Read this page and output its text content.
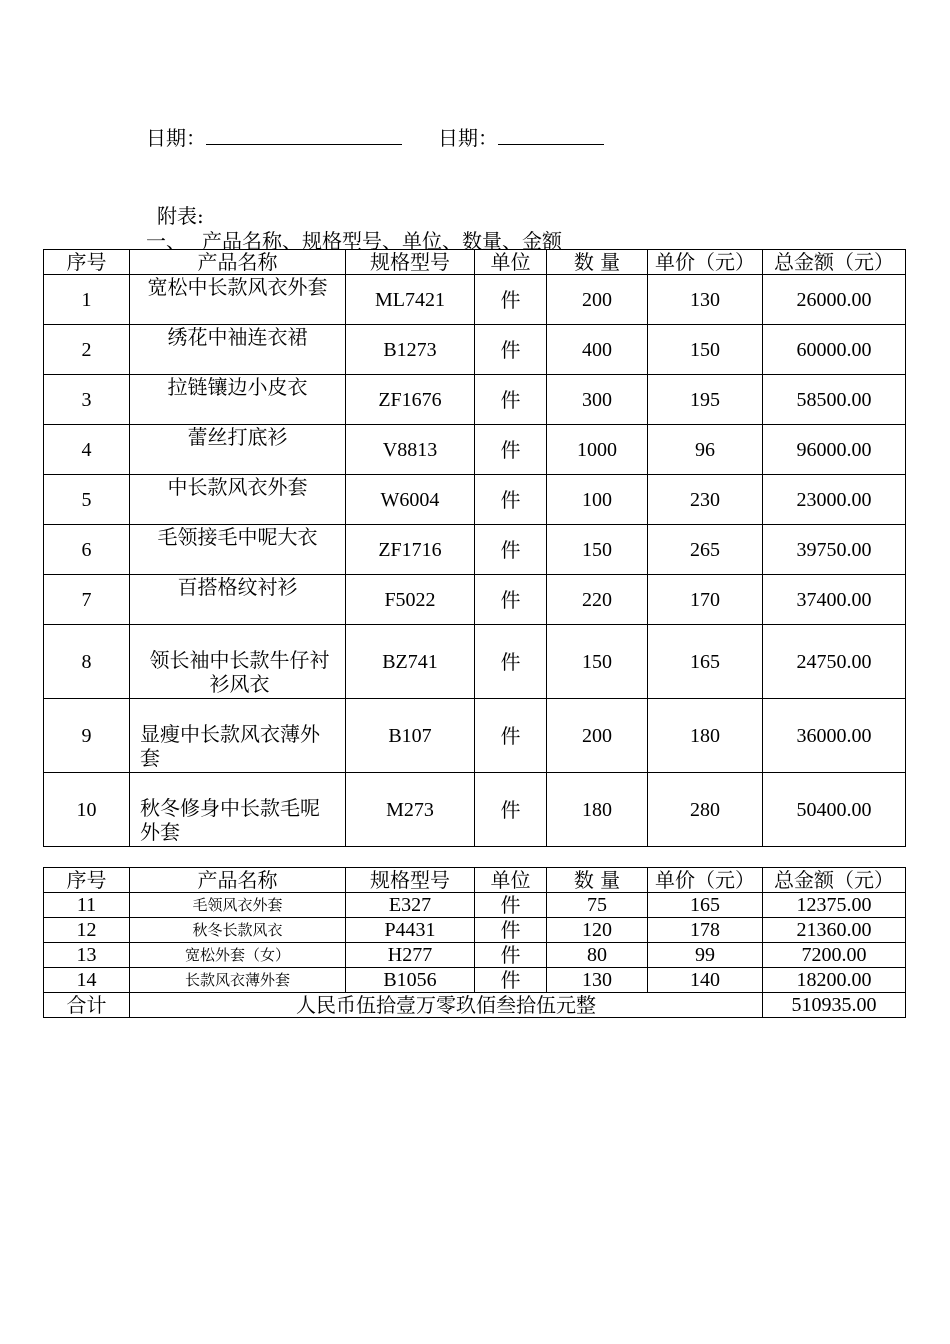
日期：	日期：
附表:
一、 产品名称、规格型号、单位、数量、金额
序号	产品名称	规格型号	单位	数 量	单价（元）	总金额（元）
1	宽松中长款风衣外套	ML7421	件	200	130	26000.00
2	绣花中袖连衣裙	B1273	件	400	150	60000.00
3	拉链镶边小皮衣	ZF1676	件	300	195	58500.00
4	蕾丝打底衫	V8813	件	1000	96	96000.00
5	中长款风衣外套	W6004	件	100	230	23000.00
6	毛领接毛中呢大衣	ZF1716	件	150	265	39750.00
7	百搭格纹衬衫	F5022	件	220	170	37400.00
8	领长袖中长款牛仔衬衫风衣	BZ741	件	150	165	24750.00
9	显瘦中长款风衣薄外套	B107	件	200	180	36000.00
10	秋冬修身中长款毛呢外套	M273	件	180	280	50400.00
序号	产品名称	规格型号	单位	数 量	单价（元）	总金额（元）
11	毛领风衣外套	E327	件	75	165	12375.00
12	秋冬长款风衣	P4431	件	120	178	21360.00
13	宽松外套（女）	H277	件	80	99	7200.00
14	长款风衣薄外套	B1056	件	130	140	18200.00
合计	人民币伍拾壹万零玖佰叁拾伍元整					510935.00
